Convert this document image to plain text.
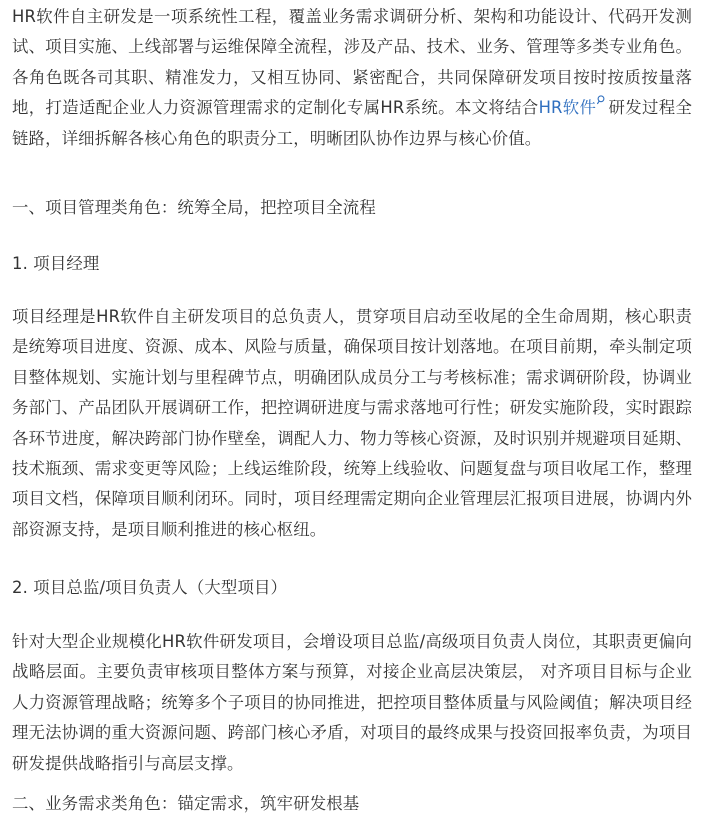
HR软件自主研发是一项系统性工程，覆盖业务需求调研分析、架构和功能设计、代码开发测试、项目实施、上线部署与运维保障全流程，涉及产品、技术、业务、管理等多类专业角色。各角色既各司其职、精准发力，又相互协同、紧密配合，共同保障研发项目按时按质按量落地，打造适配企业人力资源管理需求的定制化专属HR系统。本文将结合HR软件 研发过程全链路，详细拆解各核心角色的职责分工，明晰团队协作边界与核心价值。

一、项目管理类角色：统筹全局，把控项目全流程

1. 项目经理

项目经理是HR软件自主研发项目的总负责人，贯穿项目启动至收尾的全生命周期，核心职责是统筹项目进度、资源、成本、风险与质量，确保项目按计划落地。在项目前期，牵头制定项目整体规划、实施计划与里程碑节点，明确团队成员分工与考核标准；需求调研阶段，协调业务部门、产品团队开展调研工作，把控调研进度与需求落地可行性；研发实施阶段，实时跟踪各环节进度，解决跨部门协作壁垒，调配人力、物力等核心资源，及时识别并规避项目延期、技术瓶颈、需求变更等风险；上线运维阶段，统筹上线验收、问题复盘与项目收尾工作，整理项目文档，保障项目顺利闭环。同时，项目经理需定期向企业管理层汇报项目进展，协调内外部资源支持，是项目顺利推进的核心枢纽。

2. 项目总监/项目负责人（大型项目）

针对大型企业规模化HR软件研发项目，会增设项目总监/高级项目负责人岗位，其职责更偏向战略层面。主要负责审核项目整体方案与预算，对接企业高层决策层， 对齐项目目标与企业人力资源管理战略；统筹多个子项目的协同推进，把控项目整体质量与风险阈值；解决项目经理无法协调的重大资源问题、跨部门核心矛盾，对项目的最终成果与投资回报率负责，为项目研发提供战略指引与高层支撑。

二、业务需求类角色：锚定需求，筑牢研发根基
